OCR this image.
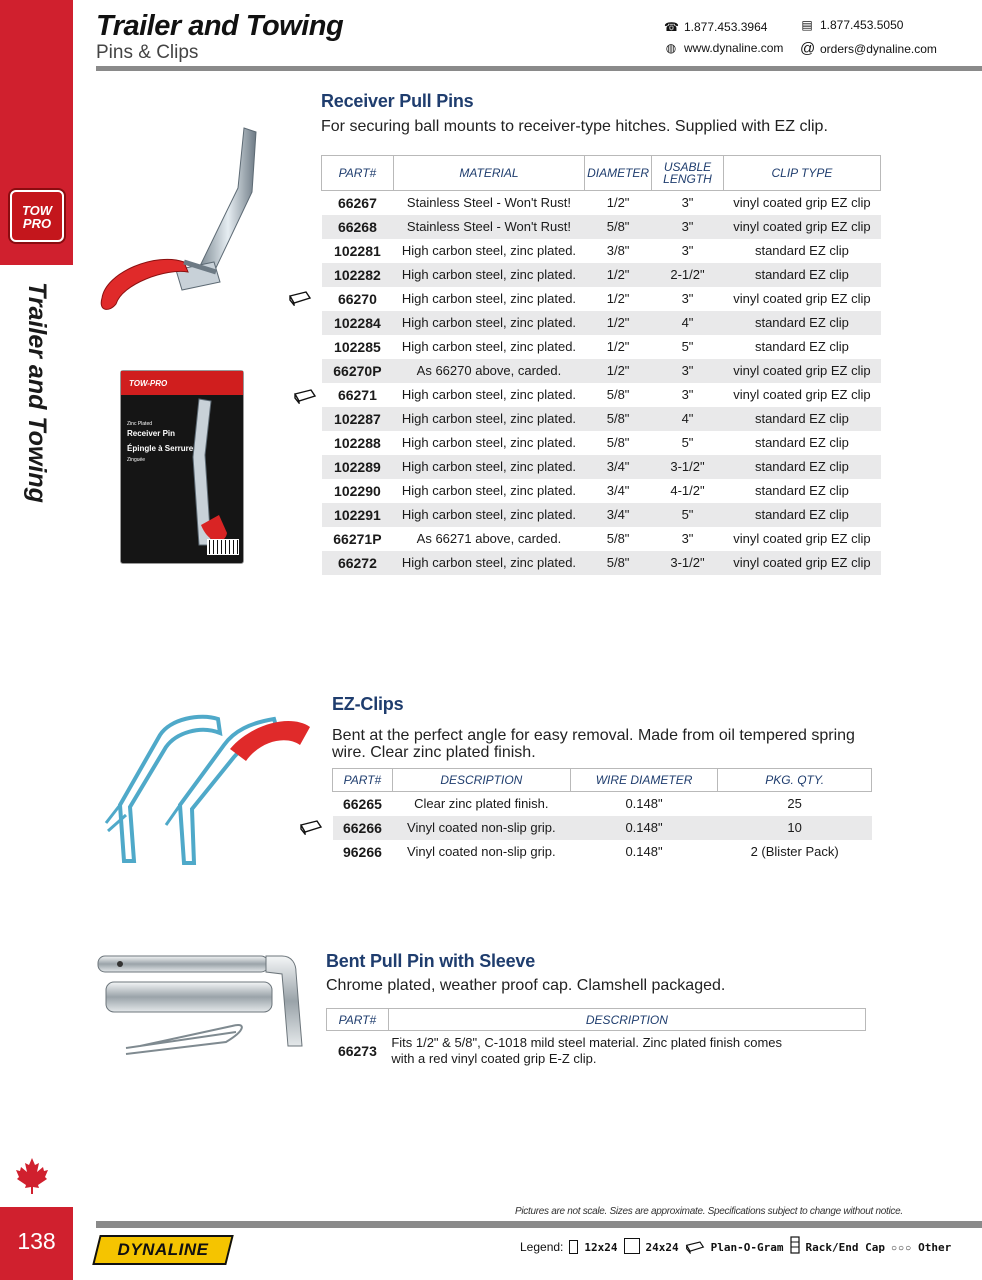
TOW PRO
Trailer and Towing
138
Trailer and Towing
Pins & Clips
☎ 1.877.453.3964	▤ 1.877.453.5050
◍ www.dynaline.com @ orders@dynaline.com
TOW-PRO
Zinc Plated
Receiver Pin
Épingle à Serrure
Zinguée
Receiver Pull Pins
For securing ball mounts to receiver-type hitches. Supplied with EZ clip.
PART#	MATERIAL	DIAMETER	USABLE LENGTH	CLIP TYPE
66267	Stainless Steel - Won't Rust!	1/2"	3"	vinyl coated grip EZ clip
66268	Stainless Steel - Won't Rust!	5/8"	3"	vinyl coated grip EZ clip
102281	High carbon steel, zinc plated.	3/8"	3"	standard EZ clip
102282	High carbon steel, zinc plated.	1/2"	2-1/2"	standard EZ clip
66270	High carbon steel, zinc plated.	1/2"	3"	vinyl coated grip EZ clip
102284	High carbon steel, zinc plated.	1/2"	4"	standard EZ clip
102285	High carbon steel, zinc plated.	1/2"	5"	standard EZ clip
66270P	As 66270 above, carded.	1/2"	3"	vinyl coated grip EZ clip
66271	High carbon steel, zinc plated.	5/8"	3"	vinyl coated grip EZ clip
102287	High carbon steel, zinc plated.	5/8"	4"	standard EZ clip
102288	High carbon steel, zinc plated.	5/8"	5"	standard EZ clip
102289	High carbon steel, zinc plated.	3/4"	3-1/2"	standard EZ clip
102290	High carbon steel, zinc plated.	3/4"	4-1/2"	standard EZ clip
102291	High carbon steel, zinc plated.	3/4"	5"	standard EZ clip
66271P	As 66271 above, carded.	5/8"	3"	vinyl coated grip EZ clip
66272	High carbon steel, zinc plated.	5/8"	3-1/2"	vinyl coated grip EZ clip
EZ-Clips
Bent at the perfect angle for easy removal. Made from oil tempered spring wire. Clear zinc plated finish.
PART#	DESCRIPTION	WIRE DIAMETER	PKG. QTY.
66265	Clear zinc plated finish.	0.148"	25
66266	Vinyl coated non-slip grip.	0.148"	10
96266	Vinyl coated non-slip grip.	0.148"	2 (Blister Pack)
Bent Pull Pin with Sleeve
Chrome plated, weather proof cap. Clamshell packaged.
PART#	DESCRIPTION
66273	Fits 1/2" & 5/8", C-1018 mild steel material. Zinc plated finish comes
with a red vinyl coated grip E-Z clip.
Pictures are not scale. Sizes are approximate. Specifications subject to change without notice.
DYNALINE	Legend: 12x24	24x24	Plan-O-Gram Rack/End Cap ○○○ Other
